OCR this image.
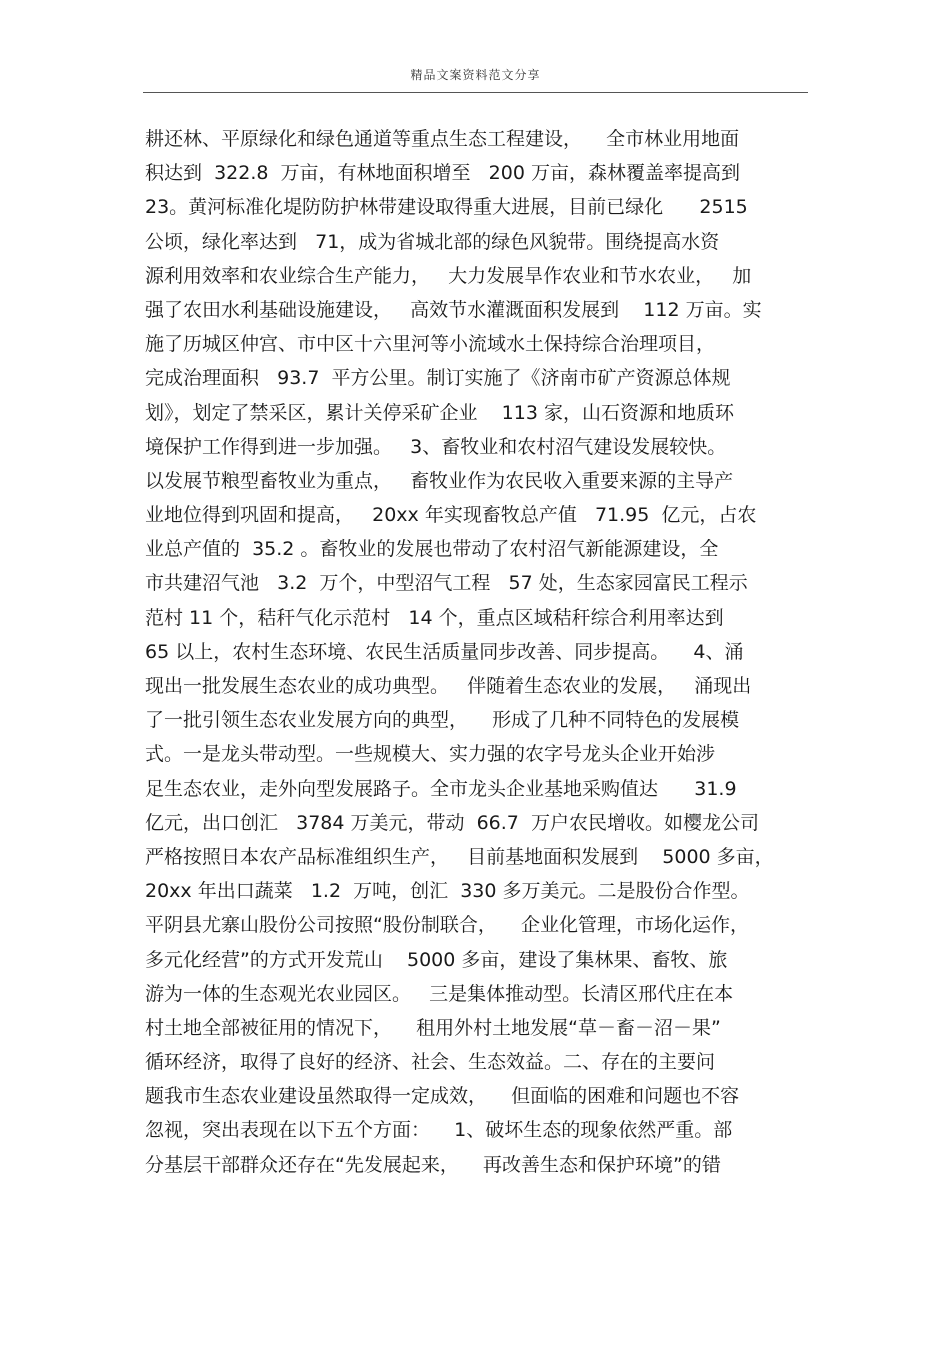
精品文案资料范文分享
耕还林、平原绿化和绿色通道等重点生态工程建设，    全市林业用地面
积达到  322.8  万亩，有林地面积增至   200 万亩，森林覆盖率提高到
23。黄河标准化堤防防护林带建设取得重大进展，目前已绿化      2515
公顷，绿化率达到   71，成为省城北部的绿色风貌带。围绕提高水资
源利用效率和农业综合生产能力，   大力发展旱作农业和节水农业，   加
强了农田水利基础设施建设，   高效节水灌溉面积发展到    112 万亩。实
施了历城区仲宫、市中区十六里河等小流域水土保持综合治理项目，
完成治理面积   93.7  平方公里。制订实施了《济南市矿产资源总体规
划》，划定了禁采区，累计关停采矿企业    113 家，山石资源和地质环
境保护工作得到进一步加强。   3、畜牧业和农村沼气建设发展较快。
以发展节粮型畜牧业为重点，   畜牧业作为农民收入重要来源的主导产
业地位得到巩固和提高，   20xx 年实现畜牧总产值   71.95  亿元，占农
业总产值的  35.2 。畜牧业的发展也带动了农村沼气新能源建设，全
市共建沼气池   3.2  万个，中型沼气工程   57 处，生态家园富民工程示
范村 11 个，秸秆气化示范村   14 个，重点区域秸秆综合利用率达到
65 以上，农村生态环境、农民生活质量同步改善、同步提高。    4、涌
现出一批发展生态农业的成功典型。   伴随着生态农业的发展，   涌现出
了一批引领生态农业发展方向的典型，    形成了几种不同特色的发展模
式。一是龙头带动型。一些规模大、实力强的农字号龙头企业开始涉
足生态农业，走外向型发展路子。全市龙头企业基地采购值达      31.9
亿元，出口创汇   3784 万美元，带动  66.7  万户农民增收。如樱龙公司
严格按照日本农产品标准组织生产，   目前基地面积发展到    5000 多亩，
20xx 年出口蔬菜   1.2  万吨，创汇  330 多万美元。二是股份合作型。
平阴县尤寨山股份公司按照“股份制联合，    企业化管理，市场化运作，
多元化经营”的方式开发荒山    5000 多亩，建设了集林果、畜牧、旅
游为一体的生态观光农业园区。   三是集体推动型。长清区邢代庄在本
村土地全部被征用的情况下，    租用外村土地发展“草－畜－沼－果”
循环经济，取得了良好的经济、社会、生态效益。二、存在的主要问
题我市生态农业建设虽然取得一定成效，    但面临的困难和问题也不容
忽视，突出表现在以下五个方面：    1、破坏生态的现象依然严重。部
分基层干部群众还存在“先发展起来，    再改善生态和保护环境”的错
